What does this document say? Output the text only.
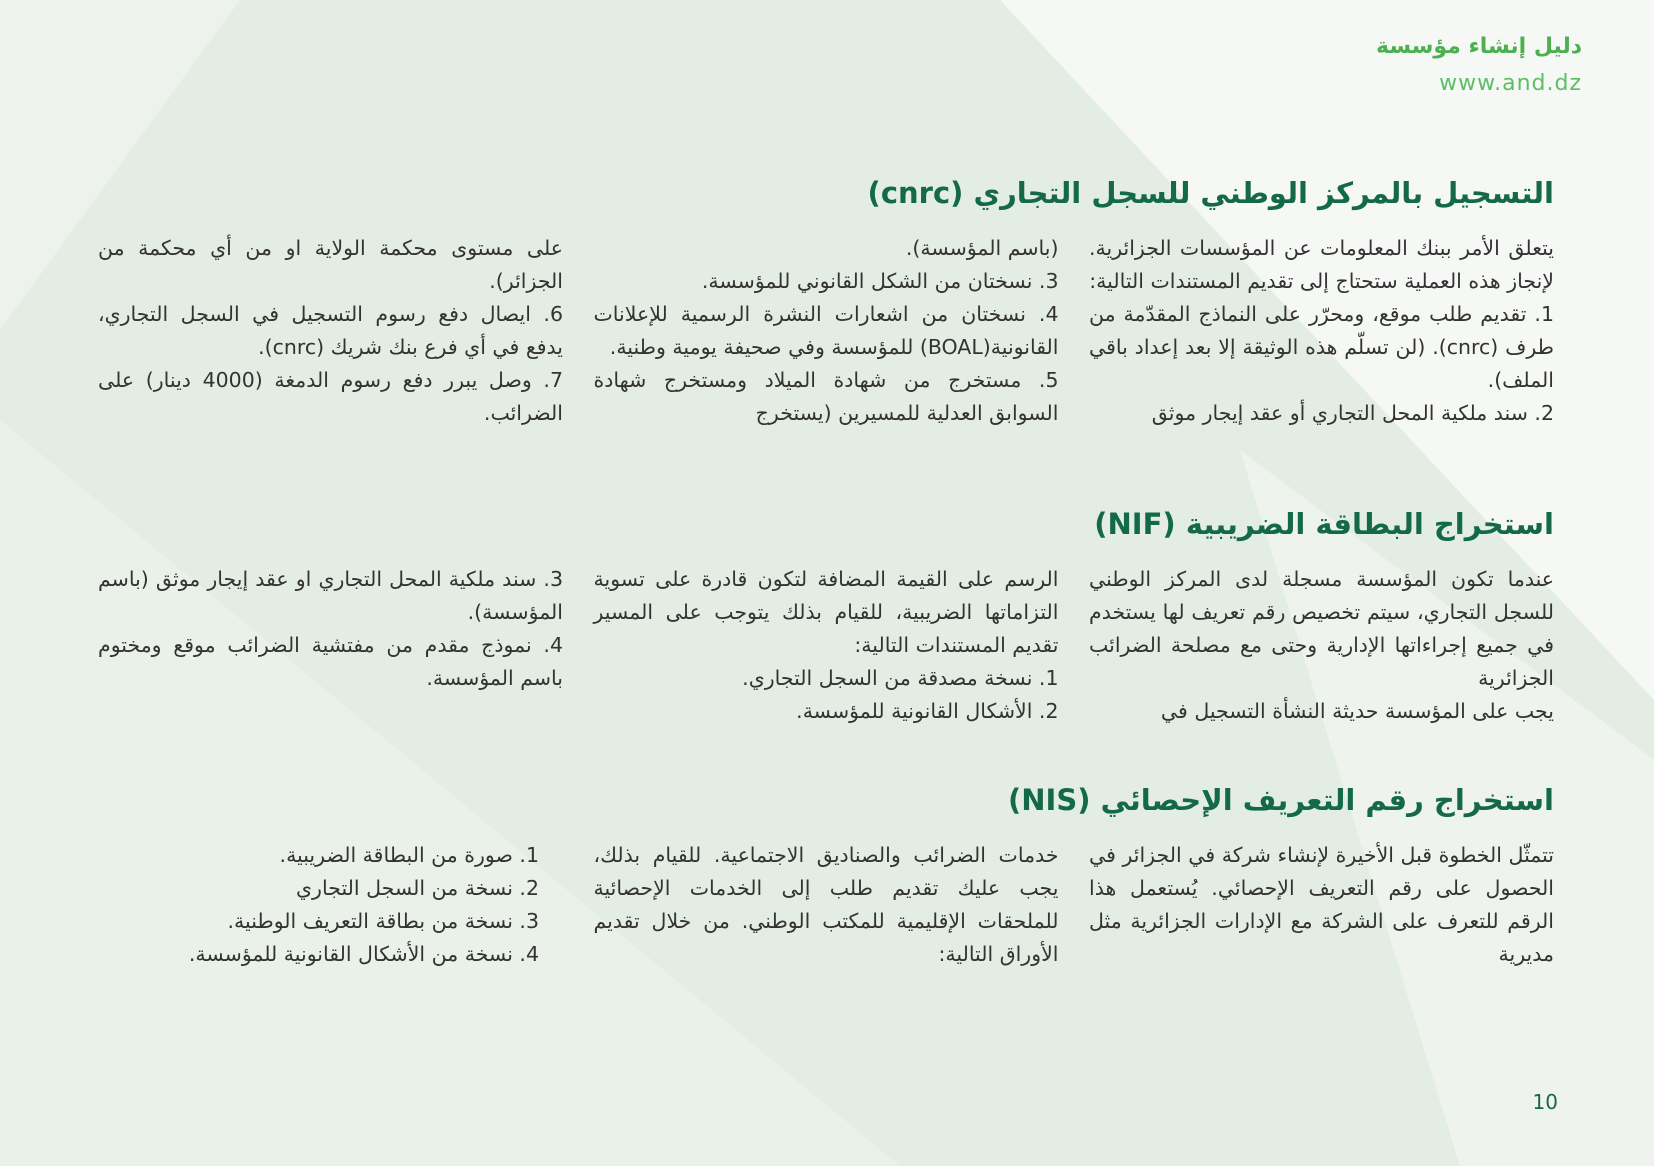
دليل إنشاء مؤسسة
www.and.dz
التسجيل بالمركز الوطني للسجل التجاري (cnrc)

يتعلق الأمر ببنك المعلومات عن المؤسسات الجزائرية. لإنجاز هذه العملية ستحتاج إلى تقديم المستندات التالية:

1. تقديم طلب موقع، ومحرّر على النماذج المقدّمة من طرف (cnrc). (لن تسلّم هذه الوثيقة إلا بعد إعداد باقي الملف).

2. سند ملكية المحل التجاري أو عقد إيجار موثق

(باسم المؤسسة).

3. نسختان من الشكل القانوني للمؤسسة.

4. نسختان من اشعارات النشرة الرسمية للإعلانات القانونية(BOAL) للمؤسسة وفي صحيفة يومية وطنية.

5. مستخرج من شهادة الميلاد ومستخرج شهادة السوابق العدلية للمسيرين (يستخرج

على مستوى محكمة الولاية او من أي محكمة من الجزائر).

6. ايصال دفع رسوم التسجيل في السجل التجاري، يدفع في أي فرع بنك شريك (cnrc).

7. وصل يبرر دفع رسوم الدمغة (4000 دينار) على الضرائب.

استخراج البطاقة الضريبية (NIF)

عندما تكون المؤسسة مسجلة لدى المركز الوطني للسجل التجاري، سيتم تخصيص رقم تعريف لها يستخدم في جميع إجراءاتها الإدارية وحتى مع مصلحة الضرائب الجزائرية

يجب على المؤسسة حديثة النشأة التسجيل في

الرسم على القيمة المضافة لتكون قادرة على تسوية التزاماتها الضريبية، للقيام بذلك يتوجب على المسير تقديم المستندات التالية:

1. نسخة مصدقة من السجل التجاري.

2. الأشكال القانونية للمؤسسة.

3. سند ملكية المحل التجاري او عقد إيجار موثق (باسم المؤسسة).

4. نموذج مقدم من مفتشية الضرائب موقع ومختوم باسم المؤسسة.

استخراج رقم التعريف الإحصائي (NIS)

تتمثّل الخطوة قبل الأخيرة لإنشاء شركة في الجزائر في الحصول على رقم التعريف الإحصائي. يُستعمل هذا الرقم للتعرف على الشركة مع الإدارات الجزائرية مثل مديرية

خدمات الضرائب والصناديق الاجتماعية. للقيام بذلك، يجب عليك تقديم طلب إلى الخدمات الإحصائية للملحقات الإقليمية للمكتب الوطني. من خلال تقديم الأوراق التالية:

1. صورة من البطاقة الضريبية.

2. نسخة من السجل التجاري

3. نسخة من بطاقة التعريف الوطنية.

4. نسخة من الأشكال القانونية للمؤسسة.

10
